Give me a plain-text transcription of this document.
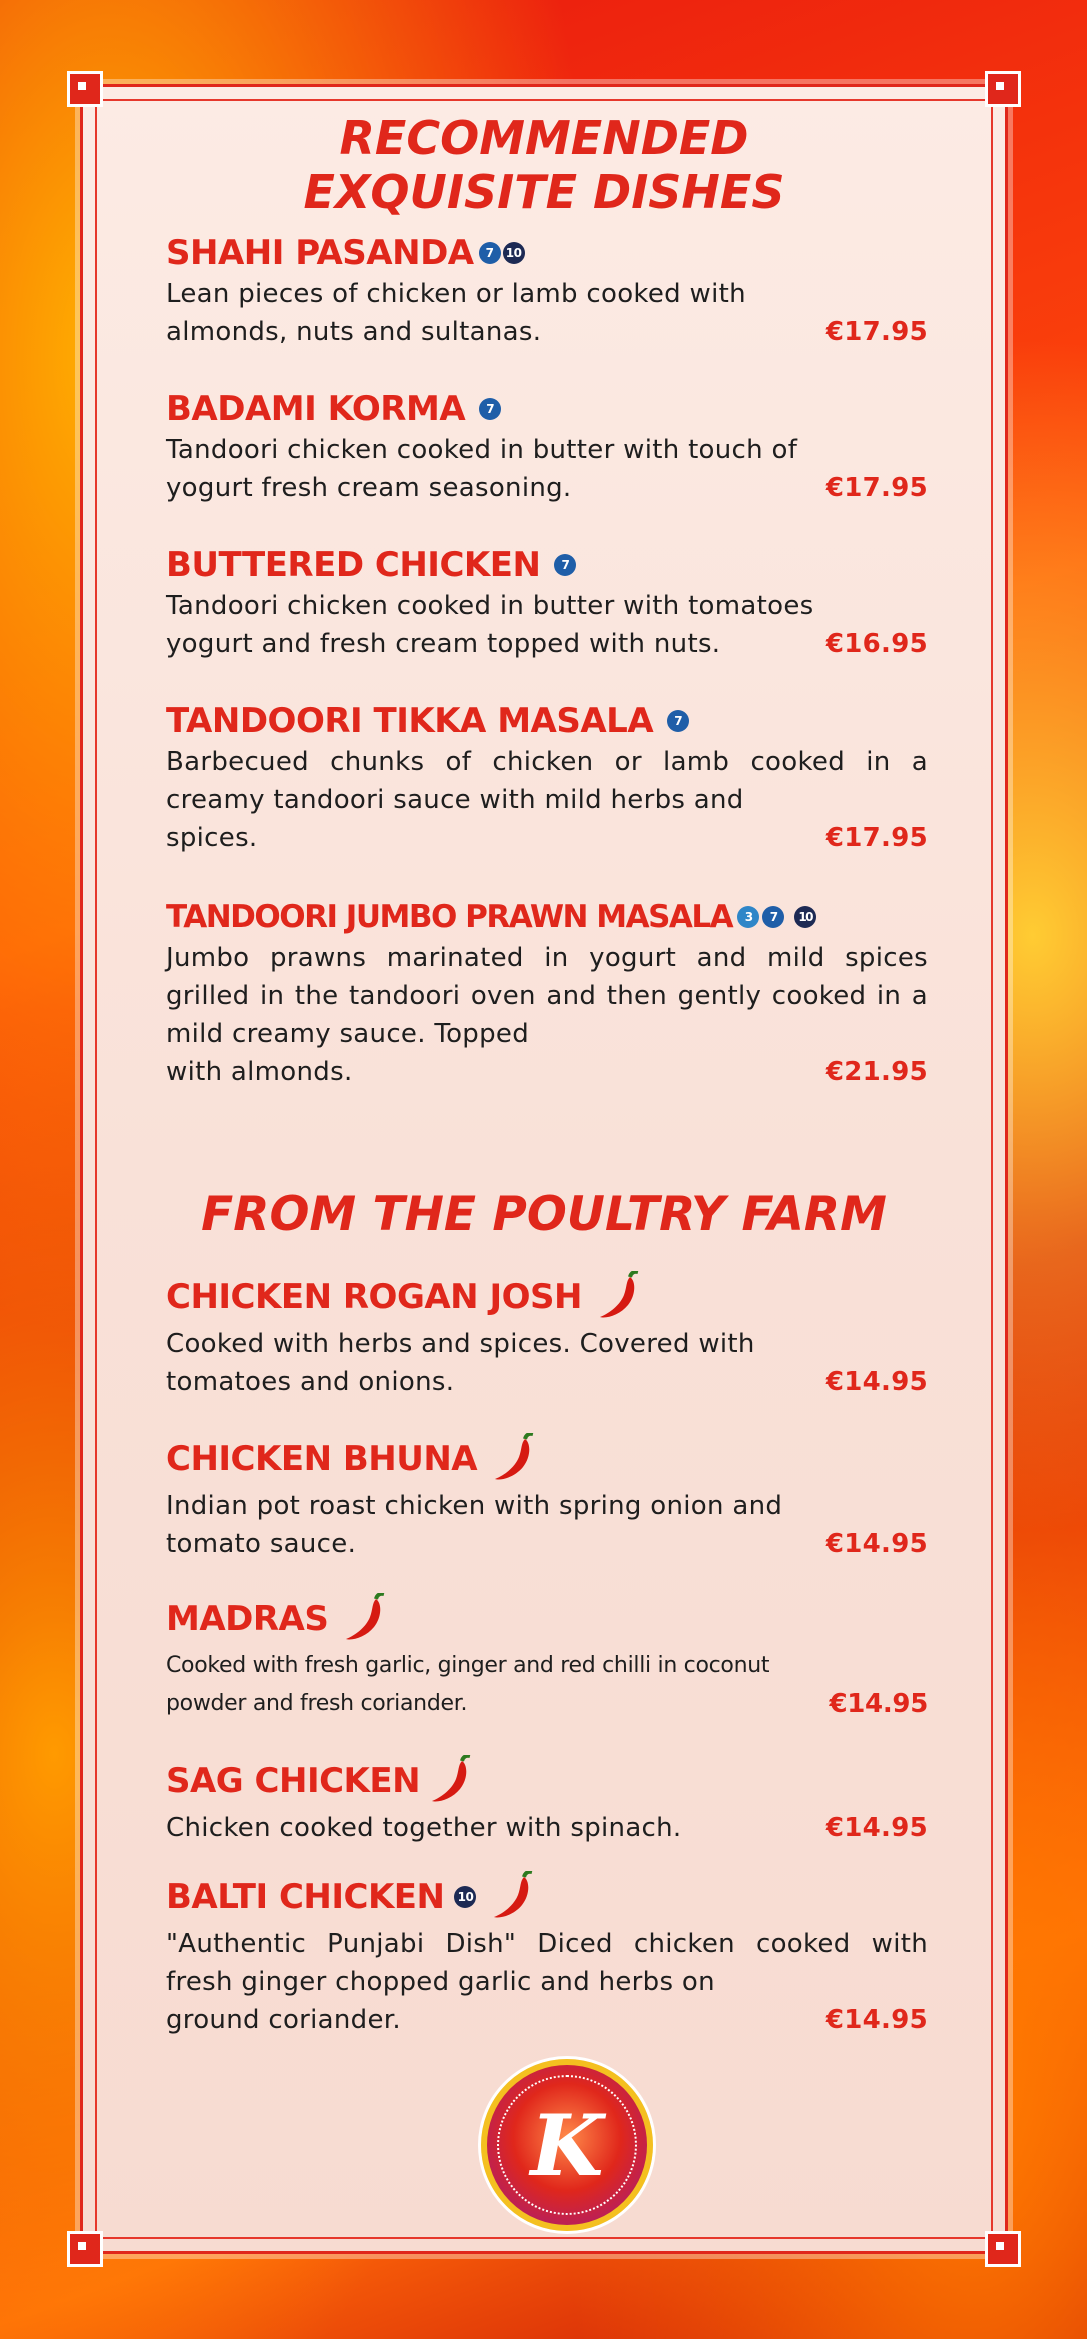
RECOMMENDED
EXQUISITE DISHES
SHAHI PASANDA	7	10
Lean pieces of chicken or lamb cooked with
almonds, nuts and sultanas.	€17.95
BADAMI KORMA	7
Tandoori chicken cooked in butter with touch of
yogurt fresh cream seasoning.	€17.95
BUTTERED CHICKEN	7
Tandoori chicken cooked in butter with tomatoes
yogurt and fresh cream topped with nuts.	€16.95
TANDOORI TIKKA MASALA	7
Barbecued chunks of chicken or lamb cooked in a creamy tandoori sauce with mild herbs and
spices.	€17.95
TANDOORI JUMBO PRAWN MASALA	3	7	10
Jumbo prawns marinated in yogurt and mild spices grilled in the tandoori oven and then gently cooked in a mild creamy sauce. Topped
with almonds.	€21.95
FROM THE POULTRY FARM
CHICKEN ROGAN JOSH
Cooked with herbs and spices. Covered with
tomatoes and onions.	€14.95
CHICKEN BHUNA
Indian pot roast chicken with spring onion and
tomato sauce.	€14.95
MADRAS
Cooked with fresh garlic, ginger and red chilli in coconut
powder and fresh coriander.	€14.95
SAG CHICKEN
Chicken cooked together with spinach.	€14.95
BALTI CHICKEN 10
"Authentic Punjabi Dish" Diced chicken cooked with fresh ginger chopped garlic and herbs on
ground coriander.	€14.95
K
